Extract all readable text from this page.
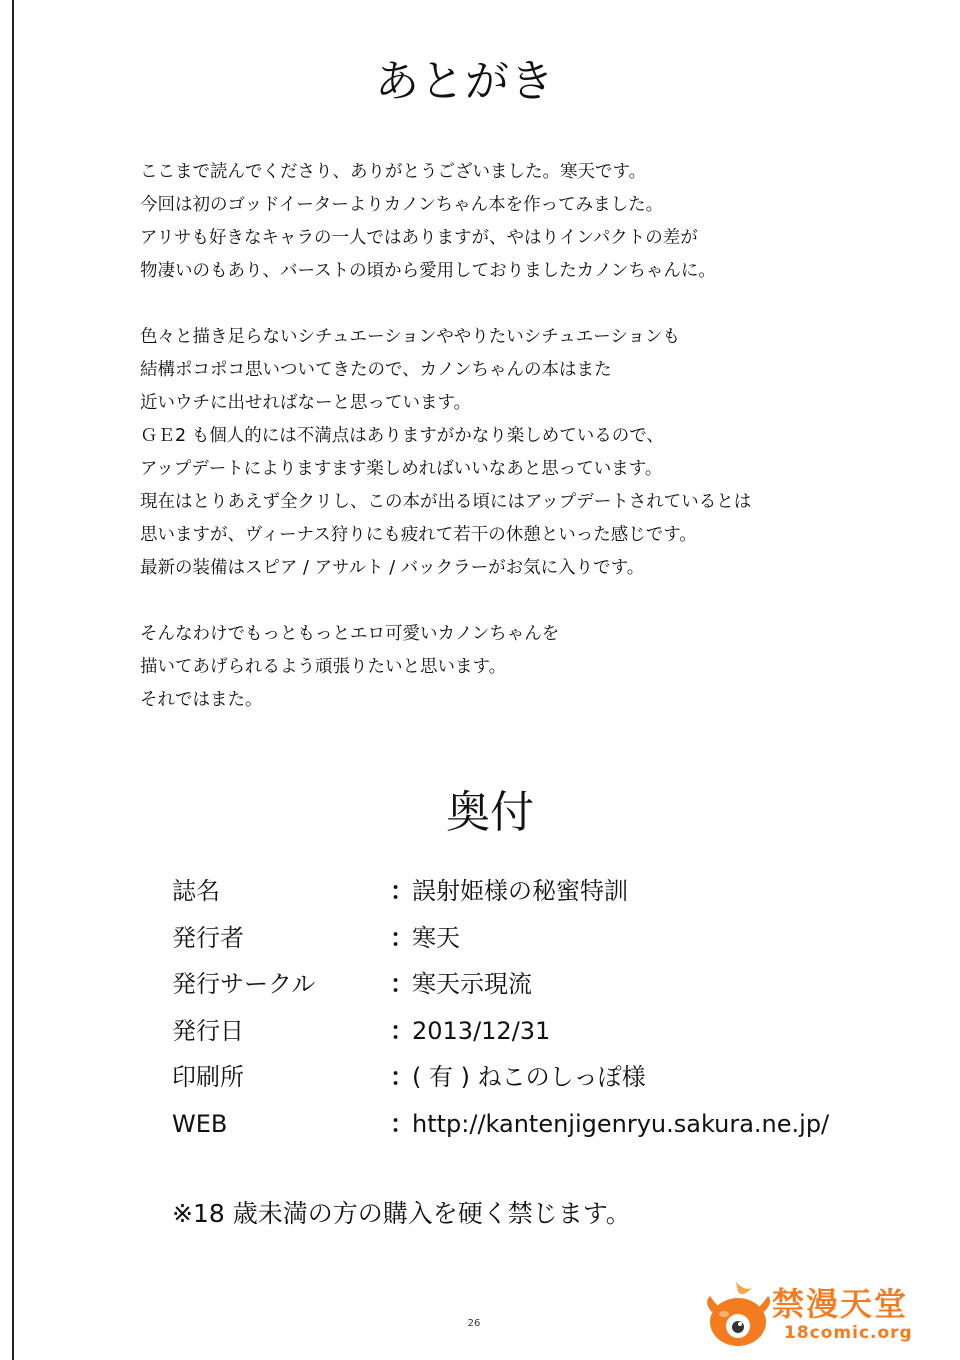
あとがき
ここまで読んでくださり、ありがとうございました。寒天です。
今回は初のゴッドイーターよりカノンちゃん本を作ってみました。
アリサも好きなキャラの一人ではありますが、やはりインパクトの差が
物凄いのもあり、バーストの頃から愛用しておりましたカノンちゃんに。
色々と描き足らないシチュエーションややりたいシチュエーションも
結構ポコポコ思いついてきたので、カノンちゃんの本はまた
近いウチに出せればなーと思っています。
ＧＥ2 も個人的には不満点はありますがかなり楽しめているので、
アップデートによりますます楽しめればいいなあと思っています。
現在はとりあえず全クリし、この本が出る頃にはアップデートされているとは
思いますが、ヴィーナス狩りにも疲れて若干の休憩といった感じです。
最新の装備はスピア / アサルト / バックラーがお気に入りです。
そんなわけでもっともっとエロ可愛いカノンちゃんを
描いてあげられるよう頑張りたいと思います。
それではまた。
奥付
誌名	：
誤射姫様の秘蜜特訓
発行者	：
寒天
発行サークル	：
寒天示現流
発行日	：
2013/12/31
印刷所	：
( 有 ) ねこのしっぽ様
WEB	：
http://kantenjigenryu.sakura.ne.jp/
※18 歳未満の方の購入を硬く禁じます。
26
禁漫天堂
18comic.org
